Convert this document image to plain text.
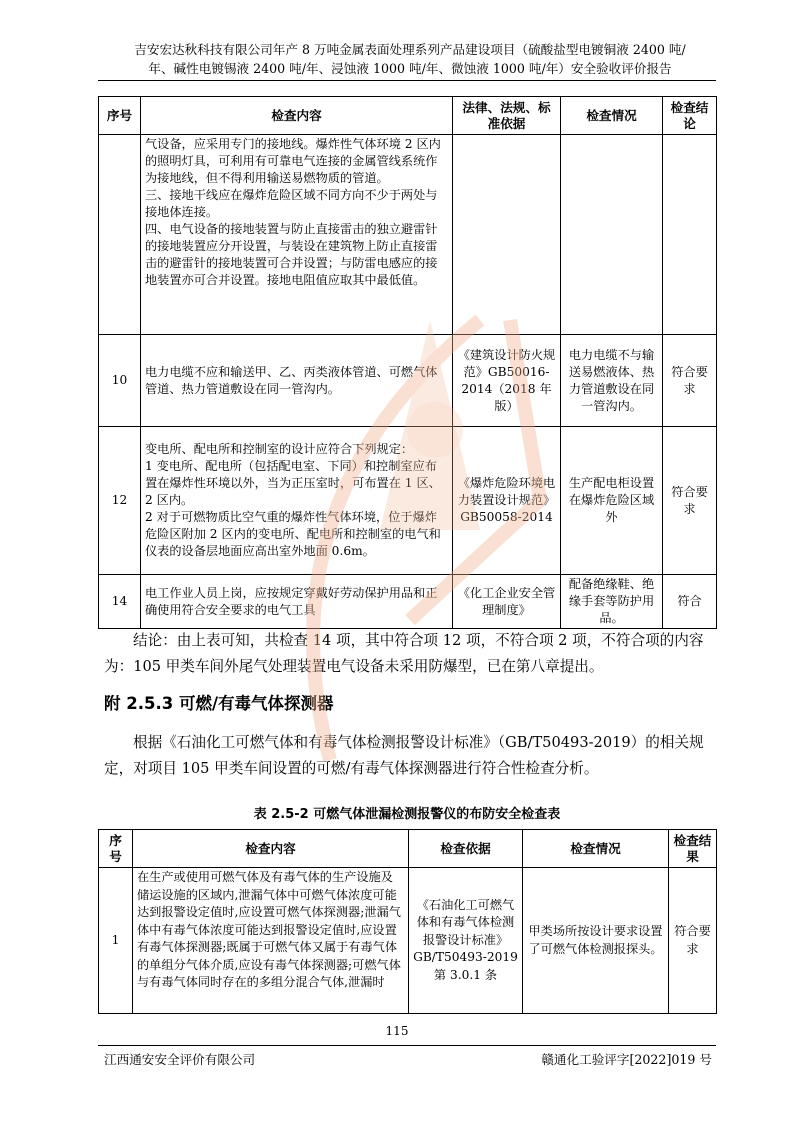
吉安宏达秋科技有限公司年产 8 万吨金属表面处理系列产品建设项目（硫酸盐型电镀铜液 2400 吨/
年、碱性电镀锡液 2400 吨/年、浸蚀液 1000 吨/年、微蚀液 1000 吨/年）安全验收评价报告
序号	检查内容	法律、法规、标准依据	检查情况	检查结论
	气设备，应采用专门的接地线。爆炸性气体环境 2 区内的照明灯具，可利用有可靠电气连接的金属管线系统作为接地线，但不得利用输送易燃物质的管道。
三、接地干线应在爆炸危险区域不同方向不少于两处与接地体连接。
四、电气设备的接地装置与防止直接雷击的独立避雷针的接地装置应分开设置，与装设在建筑物上防止直接雷击的避雷针的接地装置可合并设置；与防雷电感应的接地装置亦可合并设置。接地电阻值应取其中最低值。			
10	电力电缆不应和输送甲、乙、丙类液体管道、可燃气体管道、热力管道敷设在同一管沟内。	《建筑设计防火规范》GB50016-2014（2018 年版）	电力电缆不与输送易燃液体、热力管道敷设在同一管沟内。	符合要求
12	变电所、配电所和控制室的设计应符合下列规定：
1 变电所、配电所（包括配电室、下同）和控制室应布置在爆炸性环境以外，当为正压室时，可布置在 1 区、2 区内。
2 对于可燃物质比空气重的爆炸性气体环境，位于爆炸危险区附加 2 区内的变电所、配电所和控制室的电气和仪表的设备层地面应高出室外地面 0.6m。	《爆炸危险环境电力装置设计规范》GB50058-2014	生产配电柜设置在爆炸危险区域外	符合要求
14	电工作业人员上岗，应按规定穿戴好劳动保护用品和正确使用符合安全要求的电气工具	《化工企业安全管理制度》	配备绝缘鞋、绝缘手套等防护用品。	符合
结论：由上表可知，共检查 14 项，其中符合项 12 项，不符合项 2 项，不符合项的内容为：105 甲类车间外尾气处理装置电气设备未采用防爆型，已在第八章提出。
附 2.5.3 可燃/有毒气体探测器
根据《石油化工可燃气体和有毒气体检测报警设计标准》（GB/T50493-2019）的相关规定，对项目 105 甲类车间设置的可燃/有毒气体探测器进行符合性检查分析。
表 2.5-2 可燃气体泄漏检测报警仪的布防安全检查表
序号	检查内容	检查依据	检查情况	检查结果
1	在生产或使用可燃气体及有毒气体的生产设施及储运设施的区域内,泄漏气体中可燃气体浓度可能达到报警设定值时,应设置可燃气体探测器;泄漏气体中有毒气体浓度可能达到报警设定值时,应设置有毒气体探测器;既属于可燃气体又属于有毒气体的单组分气体介质,应设有毒气体探测器;可燃气体与有毒气体同时存在的多组分混合气体,泄漏时	《石油化工可燃气体和有毒气体检测报警设计标准》GB/T50493-2019 第 3.0.1 条	甲类场所按设计要求设置了可燃气体检测报探头。	符合要求
115
江西通安安全评价有限公司	赣通化工验评字[2022]019 号
